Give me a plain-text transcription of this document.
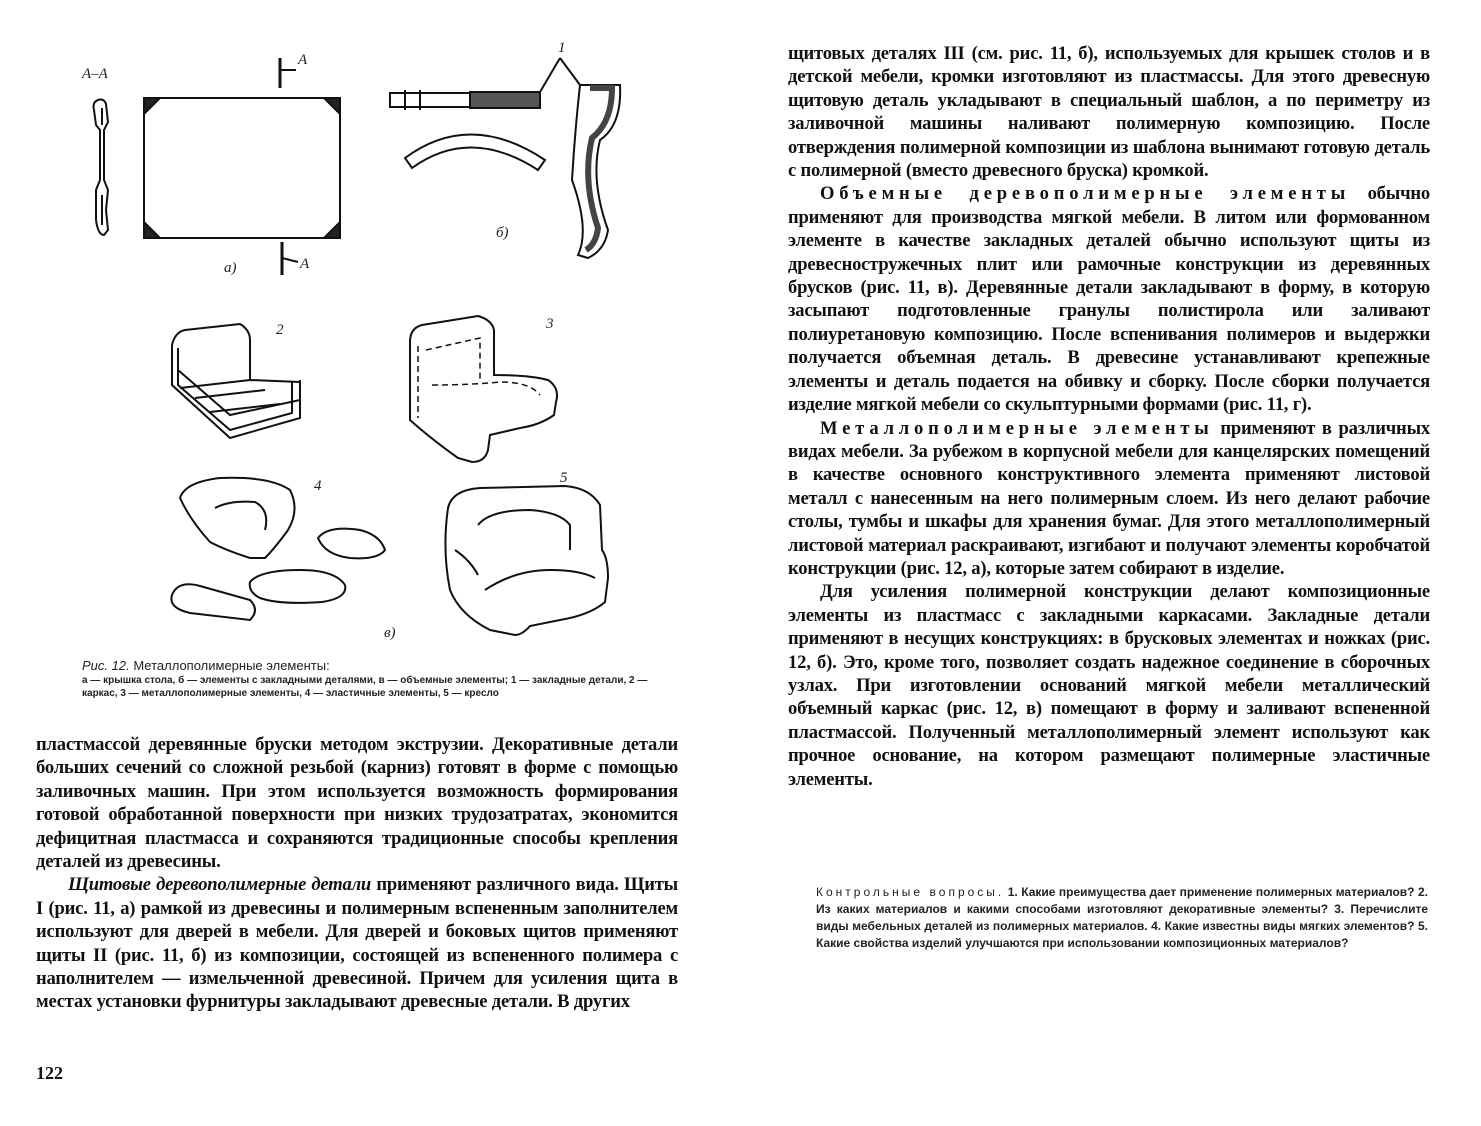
А–А
А
А
а)
б)
в)
1
2	3
4	5
Рис. 12. Металлополимерные элементы:
а — крышка стола, б — элементы с закладными деталями, в — объемные элементы; 1 — закладные детали, 2 — каркас, 3 — металлополимерные элементы, 4 — эластичные элементы, 5 — кресло

пластмассой деревянные бруски методом экструзии. Декоративные детали больших сечений со сложной резьбой (карниз) готовят в форме с помощью заливочных машин. При этом используется возможность формирования готовой обработанной поверхности при низких трудозатратах, экономится дефицитная пластмасса и сохраняются традиционные способы крепления деталей из древесины.

Щитовые деревополимерные детали применяют различного вида. Щиты I (рис. 11, а) рамкой из древесины и полимерным вспененным заполнителем используют для дверей в мебели. Для дверей и боковых щитов применяют щиты II (рис. 11, б) из композиции, состоящей из вспененного полимера с наполнителем — измельченной древесиной. Причем для усиления щита в местах установки фурнитуры закладывают древесные детали. В других

122

щитовых деталях III (см. рис. 11, б), используемых для крышек столов и в детской мебели, кромки изготовляют из пластмассы. Для этого древесную щитовую деталь укладывают в специальный шаблон, а по периметру из заливочной машины наливают полимерную композицию. После отверждения полимерной композиции из шаблона вынимают готовую деталь с полимерной (вместо древесного бруска) кромкой.

Объемные деревополимерные элементы обычно применяют для производства мягкой мебели. В литом или формованном элементе в качестве закладных деталей обычно используют щиты из древесностружечных плит или рамочные конструкции из деревянных брусков (рис. 11, в). Деревянные детали закладывают в форму, в которую засыпают подготовленные гранулы полистирола или заливают полиуретановую композицию. После вспенивания полимеров и выдержки получается объемная деталь. В древесине устанавливают крепежные элементы и деталь подается на обивку и сборку. После сборки получается изделие мягкой мебели со скульптурными формами (рис. 11, г).

Металлополимерные элементы применяют в различных видах мебели. За рубежом в корпусной мебели для канцелярских помещений в качестве основного конструктивного элемента применяют листовой металл с нанесенным на него полимерным слоем. Из него делают рабочие столы, тумбы и шкафы для хранения бумаг. Для этого металлополимерный листовой материал раскраивают, изгибают и получают элементы коробчатой конструкции (рис. 12, а), которые затем собирают в изделие.

Для усиления полимерной конструкции делают композиционные элементы из пластмасс с закладными каркасами. Закладные детали применяют в несущих конструкциях: в брусковых элементах и ножках (рис. 12, б). Это, кроме того, позволяет создать надежное соединение в сборочных узлах. При изготовлении оснований мягкой мебели металлический объемный каркас (рис. 12, в) помещают в форму и заливают вспененной пластмассой. Полученный металлополимерный элемент используют как прочное основание, на котором размещают полимерные эластичные элементы.

Контрольные вопросы. 1. Какие преимущества дает применение полимерных материалов? 2. Из каких материалов и какими способами изготовляют декоративные элементы? 3. Перечислите виды мебельных деталей из полимерных материалов. 4. Какие известны виды мягких элементов? 5. Какие свойства изделий улучшаются при использовании композиционных материалов?
